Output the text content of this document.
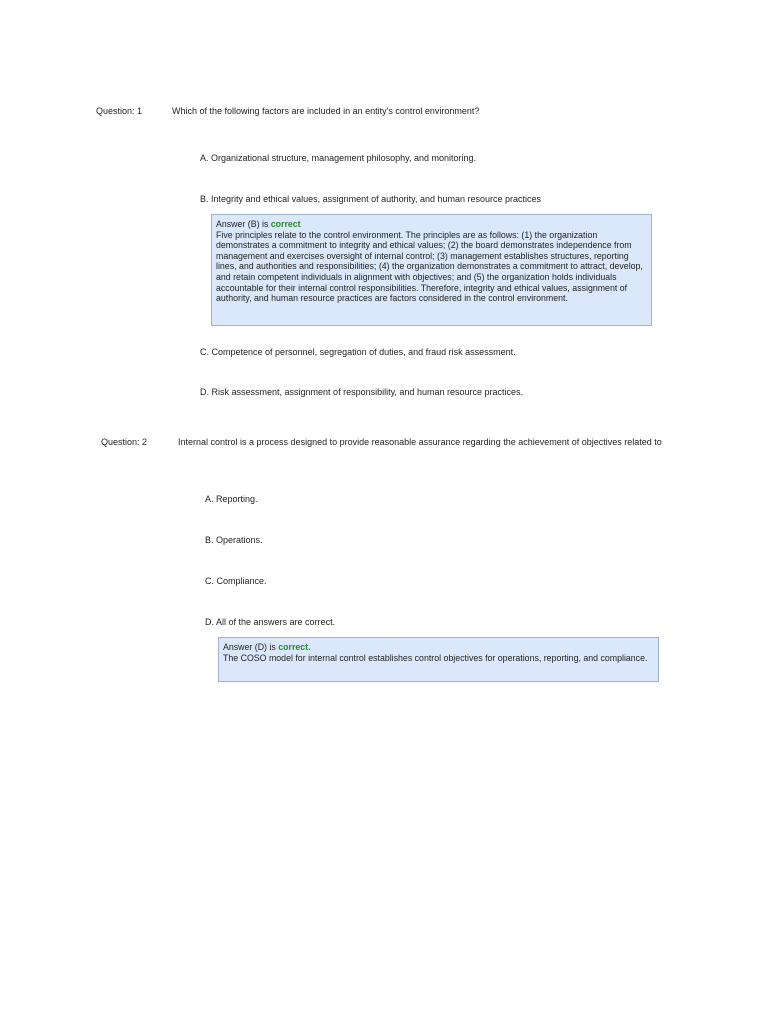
Question: 1	Which of the following factors are included in an entity's control environment?
A. Organizational structure, management philosophy, and monitoring.
B. Integrity and ethical values, assignment of authority, and human resource practices
Answer (B) is correct
Five principles relate to the control environment. The principles are as follows: (1) the organization demonstrates a commitment to integrity and ethical values; (2) the board demonstrates independence from management and exercises oversight of internal control; (3) management establishes structures, reporting lines, and authorities and responsibilities; (4) the organization demonstrates a commitment to attract, develop, and retain competent individuals in alignment with objectives; and (5) the organization holds individuals accountable for their internal control responsibilities. Therefore, integrity and ethical values, assignment of authority, and human resource practices are factors considered in the control environment.
C. Competence of personnel, segregation of duties, and fraud risk assessment.
D. Risk assessment, assignment of responsibility, and human resource practices.
Question: 2	Internal control is a process designed to provide reasonable assurance regarding the achievement of objectives related to
A. Reporting.
B. Operations.
C. Compliance.
D. All of the answers are correct.
Answer (D) is correct.
The COSO model for internal control establishes control objectives for operations, reporting, and compliance.
